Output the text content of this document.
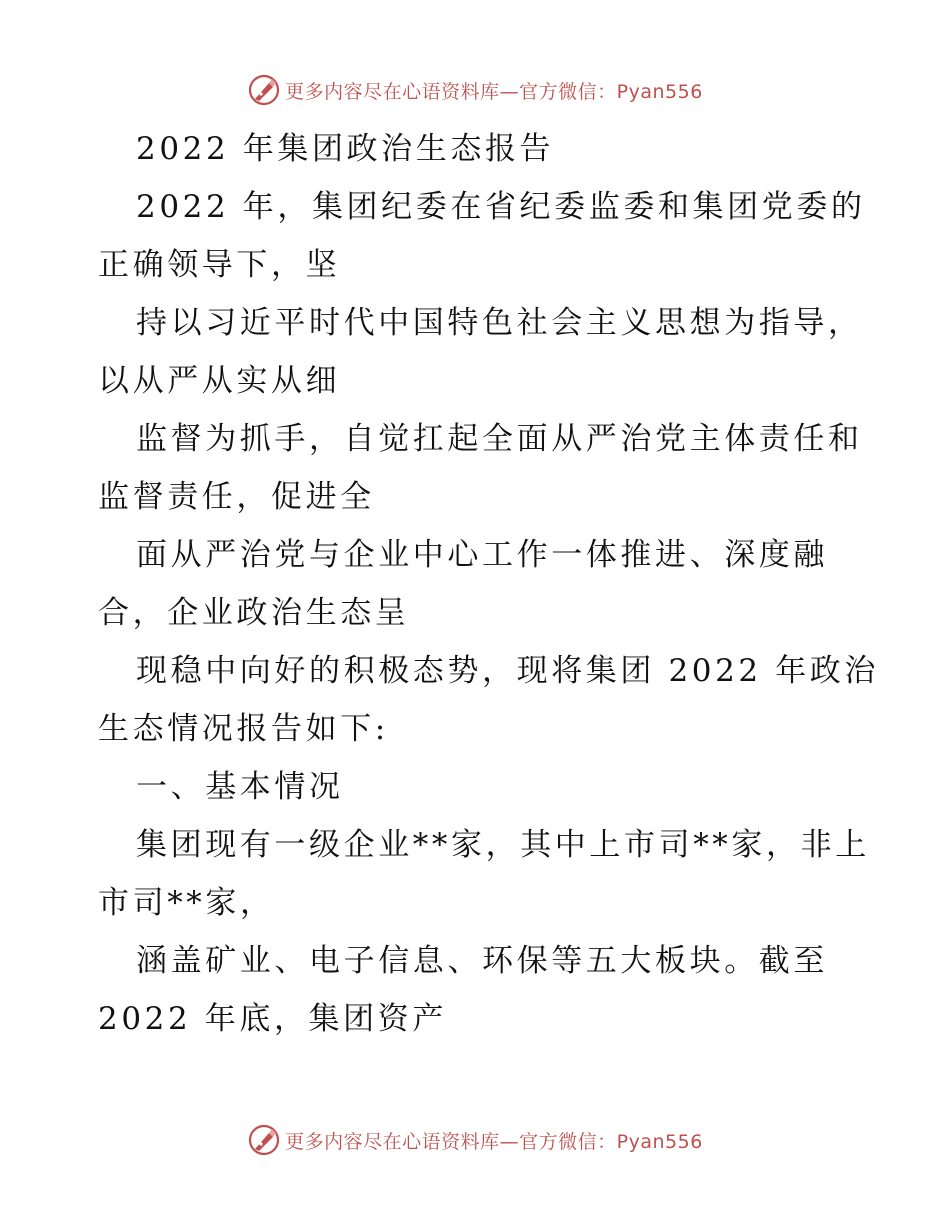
更多内容尽在心语资料库—官方微信：Pyan556
2022 年集团政治生态报告
2022 年，集团纪委在省纪委监委和集团党委的
正确领导下，坚
持以习近平时代中国特色社会主义思想为指导，
以从严从实从细
监督为抓手，自觉扛起全面从严治党主体责任和
监督责任，促进全
面从严治党与企业中心工作一体推进、深度融
合，企业政治生态呈
现稳中向好的积极态势，现将集团 2022 年政治
生态情况报告如下:
一、基本情况
集团现有一级企业**家，其中上市司**家，非上
市司**家，
涵盖矿业、电子信息、环保等五大板块。截至
2022 年底，集团资产
更多内容尽在心语资料库—官方微信：Pyan556
